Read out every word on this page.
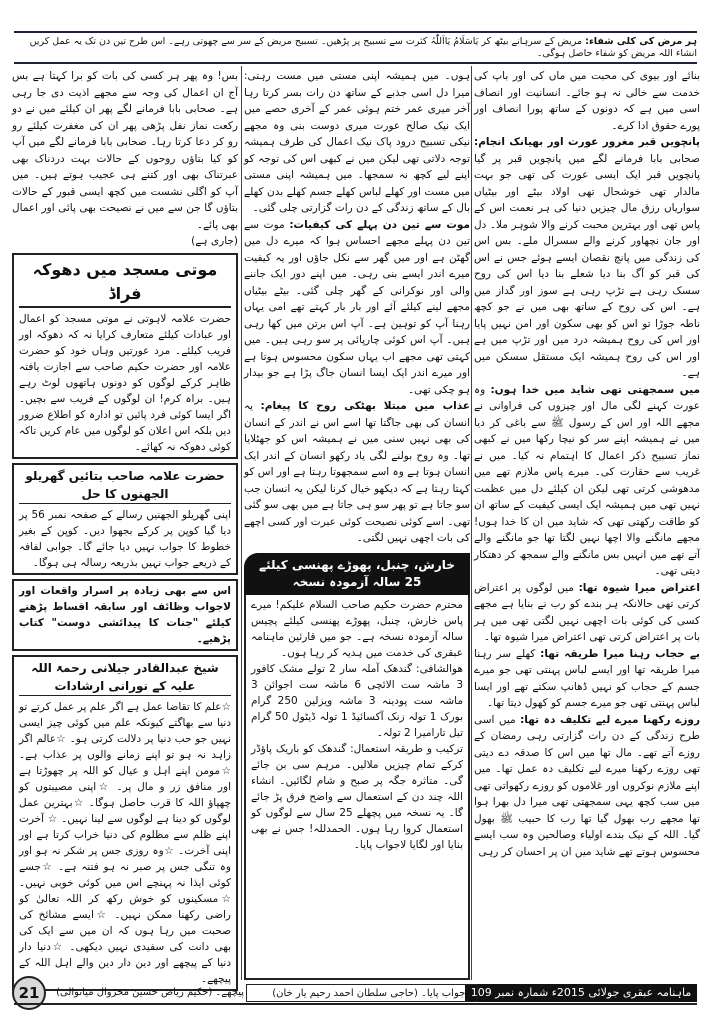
ہر مرض کی کلی شفاء: مریض کے سرہانے بیٹھ کر یَاسَلَامُ یَااَللّٰہُ کثرت سے تسبیح پر پڑھیں۔ تسبیح مریض کے سر سے چھوتی رہے۔ اس طرح تین دن تک یہ عمل کریں انشاء اللہ مریض کو شفاء حاصل ہوگی۔

بنائے اور بیوی کی محبت میں ماں کی اور باپ کی خدمت سے خالی نہ ہو جائے۔ انسانیت اور انصاف اسی میں ہے کہ دونوں کے ساتھ پورا انصاف اور پورے حقوق ادا کرے۔

پانچویں قبر مغرور عورت اور بھیانک انجام: صحابی بابا فرمانے لگے میں پانچویں قبر پر گیا پانچویں قبر ایک ایسی عورت کی تھی جو بہت مالدار تھی خوشحال تھی اولاد بیٹے اور بیٹیاں سواریاں رزق مال چیزیں دنیا کی ہر نعمت اس کے پاس تھی اور بہترین محبت کرنے والا شوہر ملا۔ دل اور جان نچھاور کرنے والے سسرال ملے۔ بس اس کی زندگی میں پانچ نقصان ایسے ہوئے جس نے اس کی قبر کو آگ بنا دیا شعلے بنا دیا اس کی روح سسک رہی ہے تڑپ رہی ہے سوز اور گداز میں ہے۔ اس کی روح کے ساتھ بھی میں نے جو کچھ ناطہ جوڑا تو اس کو بھی سکون اور امن نہیں پایا اور اس کی روح ہمیشہ درد میں اور تڑپ میں ہے اور اس کی روح ہمیشہ ایک مستقل سسکن میں ہے۔

میں سمجھتی تھی شاید میں خدا ہوں: وہ عورت کہنے لگی مال اور چیزوں کی فراوانی نے مجھے اللہ اور اس کے رسول ﷺ سے باغی کر دیا میں نے ہمیشہ اپنے سر کو نیچا رکھا میں نے کبھی نماز تسبیح ذکر اعمال کا اہتمام نہ کیا۔ میں نے غریب سے حقارت کی۔ میرے پاس ملازم تھے میں مدھوشی کرتی تھی لیکن ان کیلئے دل میں عظمت نہیں تھی میں ہمیشہ ایک ایسی کیفیت کے ساتھ ان کو طاقت رکھتی تھی کہ شاید میں ان کا خدا ہوں! مجھے مانگنے والا اچھا نہیں لگتا تھا جو مانگنے والے آتے تھے میں انہیں بس مانگنے والے سمجھ کر دھتکار دیتی تھی۔

اعتراض میرا شیوہ تھا: میں لوگوں پر اعتراض کرتی تھی حالانکہ ہر بندے کو رب نے بنایا ہے مجھے کسی کی کوئی بات اچھی نہیں لگتی تھی میں ہر بات پر اعتراض کرتی تھی اعتراض میرا شیوہ تھا۔

بے حجاب رہنا میرا طریقہ تھا: کھلے سر رہنا میرا طریقہ تھا اور ایسے لباس پہنتی تھی جو میرے جسم کے حجاب کو نہیں ڈھانپ سکتے تھے اور ایسا لباس پہنتی تھی جو میرے جسم کو کھول دیتا تھا۔

روزے رکھنا میرے لیے تکلیف دہ تھا: میں اسی طرح زندگی کے دن رات گزارتی رہی رمضان کے روزے آتے تھے۔ مال تھا میں اس کا صدقہ دے دیتی تھی روزے رکھنا میرے لیے تکلیف دہ عمل تھا۔ میں اپنے ملازم نوکروں اور غلاموں کو روزے رکھواتی تھی میں سب کچھ یہی سمجھتی تھی میرا دل بھرا ہوا تھا مجھے رب بھول گیا تھا رب کا حبیب ﷺ بھول گیا۔ اللہ کے نیک بندے اولیاء وصالحین وہ سب ایسے محسوس ہوتے تھے شاید میں ان پر احسان کر رہی

ہوں۔ میں ہمیشہ اپنی مستی میں مست رہتی: میرا دل اسی جذبے کے ساتھ دن رات بسر کرتا رہا آخر میری عمر ختم ہوئی عمر کے آخری حصے میں ایک نیک صالح عورت میری دوست بنی وہ مجھے نیکی تسبیح درود پاک نیک اعمال کی طرف ہمیشہ توجہ دلاتی تھی لیکن میں نے کبھی اس کی توجہ کو اپنے لیے کچھ نہ سمجھا۔ میں ہمیشہ اپنی مستی میں مست اور کھلے لباس کھلے جسم کھلے بدن کھلے بال کے ساتھ زندگی کے دن رات گزارتی چلی گئی۔

موت سے تین دن پہلے کی کیفیات: موت سے تین دن پہلے مجھے احساس ہوا کہ میرے دل میں گھٹن ہے اور میں گھر سے نکل جاؤں اور یہ کیفیت میرے اندر ایسے بنی رہی۔ میں اپنے دور ایک جاننے والی اور نوکرانی کے گھر چلی گئی۔ بیٹے بیٹیاں مجھے لینے کیلئے آئے اور بار بار کہتے تھے امی یہاں رہنا آپ کو توہین ہے۔ آپ اس برتن میں کھا رہی ہیں۔ آپ اس کوئی چارپائی پر سو رہی ہیں۔ میں کہتی تھی مجھے اب یہاں سکون محسوس ہوتا ہے اور میرے اندر ایک ایسا انسان جاگ پڑا ہے جو بیدار ہو چکی تھی۔

عذاب میں مبتلا بھٹکی روح کا پیغام: یہ انسان کی بھی جاگتا تھا اسے اس نے اندر کے انسان کی بھی نہیں سنی میں نے ہمیشہ اس کو جھٹلایا تھا۔ وہ روح بولنے لگی یاد رکھو انسان کے اندر ایک انسان ہوتا ہے وہ اسے سمجھوتا رہتا ہے اور اس کو کہتا رہتا ہے کہ دیکھو خیال کرنا لیکن یہ انسان جب سو جاتا ہے تو پھر سو ہی جاتا ہے میں بھی سو گئی تھی۔ اسے کوئی نصیحت کوئی عبرت اور کسی اچھے کی بات اچھی نہیں لگتی۔

خارش، چنبل، پھوڑے پھنسی کیلئے 25 سالہ آزمودہ نسخہ

محترم حضرت حکیم صاحب السلام علیکم! میرے پاس خارش، چنبل، پھوڑے پھنسی کیلئے پچیس سالہ آزمودہ نسخہ ہے۔ جو میں قارئین ماہنامہ عبقری کی خدمت میں ہدیہ کر رہا ہوں۔

ھوالشافی: گندھک آملہ سار 2 تولے مشک کافور 3 ماشہ ست الائچی 6 ماشہ ست اجوائن 3 ماشہ ست پودینہ 3 ماشہ ویزلین 250 گرام بورک 1 تولہ زنک آکسائیڈ 1 تولہ ڈیٹول 50 گرام تیل تارامیرا 2 تولہ۔

ترکیب و طریقہ استعمال: گندھک کو باریک پاؤڈر کرکے تمام چیزیں ملالیں۔ مرہم سی بن جائے گی۔ متاثرہ جگہ پر صبح و شام لگائیں۔ انشاء اللہ چند دن کے استعمال سے واضح فرق پڑ جائے گا۔ یہ نسخہ میں پچھلے 25 سال سے لوگوں کو استعمال کروا رہا ہوں۔ الحمدللہ! جس نے بھی بنایا اور لگایا لاجواب پایا۔

بس! وہ پھر ہر کسی کی بات کو برا کہتا ہے بس آج ان اعمال کی وجہ سے مجھے اذیت دی جا رہی ہے۔ صحابی بابا فرمانے لگے پھر ان کیلئے میں نے دو رکعت نماز نفل پڑھی پھر ان کی مغفرت کیلئے رو رو کر دعا کرتا رہا۔ صحابی بابا فرمانے لگے میں آپ کو کیا بتاؤں روحوں کے حالات بہت دردناک بھی عبرتناک بھی اور کتنے ہی عجیب ہوتے ہیں۔ میں آپ کو اگلی نشست میں کچھ ایسی قبور کے حالات بتاؤں گا جن سے میں نے نصیحت بھی پائی اور اعمال بھی پائے۔

(جاری ہے)
موتی مسجد میں دھوکہ فراڈ

حضرت علامہ لاہوتی نے موتی مسجد کو اعمال اور عبادات کیلئے متعارف کرایا نہ کہ دھوکہ اور فریب کیلئے۔ مرد عورتیں وہاں خود کو حضرت علامہ اور حضرت حکیم صاحب سے اجازت یافتہ ظاہر کرکے لوگوں کو دونوں ہاتھوں لوٹ رہے ہیں۔ براہ کرم! ان لوگوں کے فریب سے بچیں۔ اگر ایسا کوئی فرد پائیں تو ادارہ کو اطلاع ضرور دیں بلکہ اس اعلان کو لوگوں میں عام کریں تاکہ کوئی دھوکہ نہ کھائے۔

حضرت علامہ صاحب بتائیں گھریلو الجھنوں کا حل

اپنی گھریلو الجھنیں رسالے کے صفحہ نمبر 56 پر دیا گیا کوپن پر کرکے بجھوا دیں۔ کوپن کے بغیر خطوط کا جواب نہیں دیا جائے گا۔ جوابی لفافہ کے ذریعے جواب نہیں بذریعہ رسالہ ہی ہوگا۔

اس سے بھی زیادہ پر اسرار واقعات اور لاجواب وظائف اور سابقہ اقساط پڑھنے کیلئے "جنات کا پیدائشی دوست" کتاب پڑھیے۔

شیخ عبدالقادر جیلانی رحمۃ اللہ علیہ کے نورانی ارشادات

☆علم کا تقاضا عمل ہے اگر علم پر عمل کرتے تو دنیا سے بھاگتے کیونکہ علم میں کوئی چیز ایسی نہیں جو حب دنیا پر دلالت کرتی ہو۔ ☆عالم اگر زاہد نہ ہو تو اپنے زمانے والوں پر عذاب ہے۔ ☆مومن اپنے اہل و عیال کو اللہ پر چھوڑتا ہے اور منافق زر و مال پر۔ ☆اپنی مصیبتوں کو چھپاؤ اللہ کا قرب حاصل ہوگا۔ ☆بہترین عمل لوگوں کو دینا ہے لوگوں سے لینا نہیں۔ ☆ آخرت اپنے ظلم سے مظلوم کی دنیا خراب کرتا ہے اور اپنی آخرت۔ ☆وہ روزی جس پر شکر نہ ہو اور وہ تنگی جس پر صبر نہ ہو فتنہ ہے۔ ☆جسے کوئی ایذا نہ پہنچے اس میں کوئی خوبی نہیں۔ ☆مسکینوں کو خوش رکھ کر اللہ تعالیٰ کو راضی رکھنا ممکن نہیں۔ ☆ایسے مشائخ کی صحبت میں رہا ہوں کہ ان میں سے ایک کی بھی دانت کی سفیدی نہیں دیکھی۔ ☆دنیا دار دنیا کے پیچھے اور دین دار دین والے اہل اللہ کے پیچھے۔

ماہنامہ عبقری جولائی 2015ء شمارہ نمبر 109
لاجواب پایا۔ (حاجی سلطان احمد رحیم یار خان)
پیچھے۔ (حکیم ریاض حسین مخروال میانوالی)
21
